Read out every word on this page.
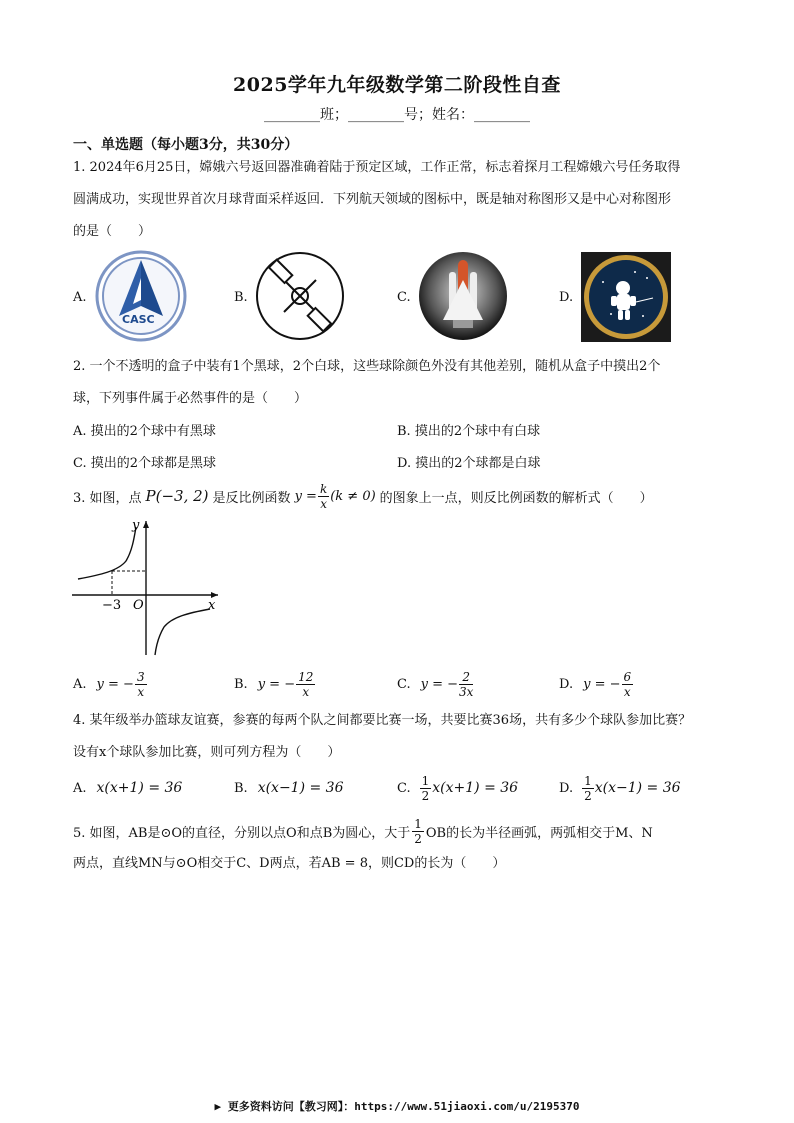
2025学年九年级数学第二阶段性自查
________班；________号；姓名：________
一、单选题（每小题3分，共30分）
1. 2024年6月25日，嫦娥六号返回器准确着陆于预定区域，工作正常，标志着探月工程嫦娥六号任务取得
圆满成功，实现世界首次月球背面采样返回．下列航天领域的图标中，既是轴对称图形又是中心对称图形
的是（　　）
A.
CASC
B.	C.	D.
2. 一个不透明的盒子中装有1个黑球，2个白球，这些球除颜色外没有其他差别，随机从盒子中摸出2个
球，下列事件属于必然事件的是（　　）
A. 摸出的2个球中有黑球	B. 摸出的2个球中有白球
C. 摸出的2个球都是黑球	D. 摸出的2个球都是白球
3. 如图，点 P(−3, 2) 是反比例函数 $y = \frac{k}{x} (k \ne 0)$ 的图象上一点，则反比例函数的解析式（　　）
y
x
O
−3
A. y = − $\frac{3}{x}$	B. y = − $\frac{12}{x}$	C. y = − $\frac{2}{3x}$	D. y = − $\frac{6}{x}$
4. 某年级举办篮球友谊赛，参赛的每两个队之间都要比赛一场，共要比赛36场，共有多少个球队参加比赛？
设有x个球队参加比赛，则可列方程为（　　）
A. x(x+1) = 36	B. x(x−1) = 36	C. $\frac{1}{2} x(x+1) = 36$	D. $\frac{1}{2} x(x-1) = 36$
5. 如图， AB是⊙O的直径，分别以点O和点B为圆心，大于 $\frac{1}{2}$ OB的长为半径画弧，两弧相交于M、N
两点，直线MN与⊙O相交于C、D两点，若AB = 8，则CD的长为（　　）
▶ 更多资料访问【教习网】：https://www.51jiaoxi.com/u/2195370
